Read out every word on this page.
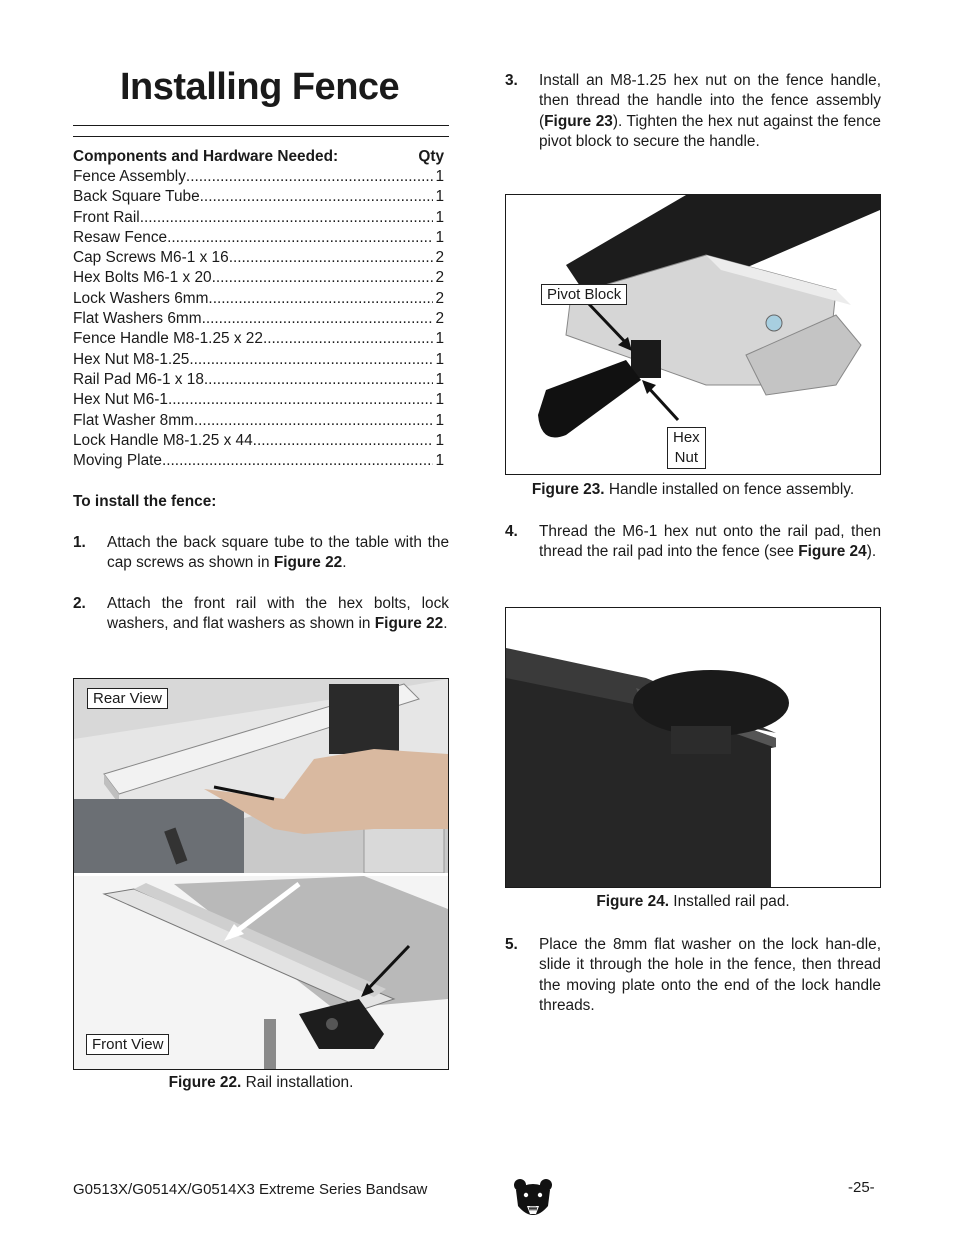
Installing Fence
Components and Hardware Needed:	Qty
Fence Assembly .....	1
Back Square Tube .....	1
Front Rail .....	1
Resaw Fence .....	1
Cap Screws M6-1 x 16 .....	2
Hex Bolts M6-1 x 20 .....	2
Lock Washers 6mm .....	2
Flat Washers 6mm .....	2
Fence Handle M8-1.25 x 22 .....	1
Hex Nut M8-1.25 .....	1
Rail Pad M6-1 x 18 .....	1
Hex Nut M6-1 .....	1
Flat Washer 8mm .....	1
Lock Handle M8-1.25 x 44 .....	1
Moving Plate .....	1
To install the fence:
1.	Attach the back square tube to the table with the cap screws as shown in Figure 22.
2.	Attach the front rail with the hex bolts, lock washers, and flat washers as shown in Figure 22.
Rear View
Front View
Figure 22. Rail installation.
3.	Install an M8-1.25 hex nut on the fence handle, then thread the handle into the fence assembly (Figure 23). Tighten the hex nut against the fence pivot block to secure the handle.
Pivot Block
Hex
Nut
Figure 23. Handle installed on fence assembly.
4.	Thread the M6-1 hex nut onto the rail pad, then thread the rail pad into the fence (see Figure 24).
Figure 24. Installed rail pad.
5.	Place the 8mm flat washer on the lock han-dle, slide it through the hole in the fence, then thread the moving plate onto the end of the lock handle threads.
G0513X/G0514X/G0514X3 Extreme Series Bandsaw	-25-
